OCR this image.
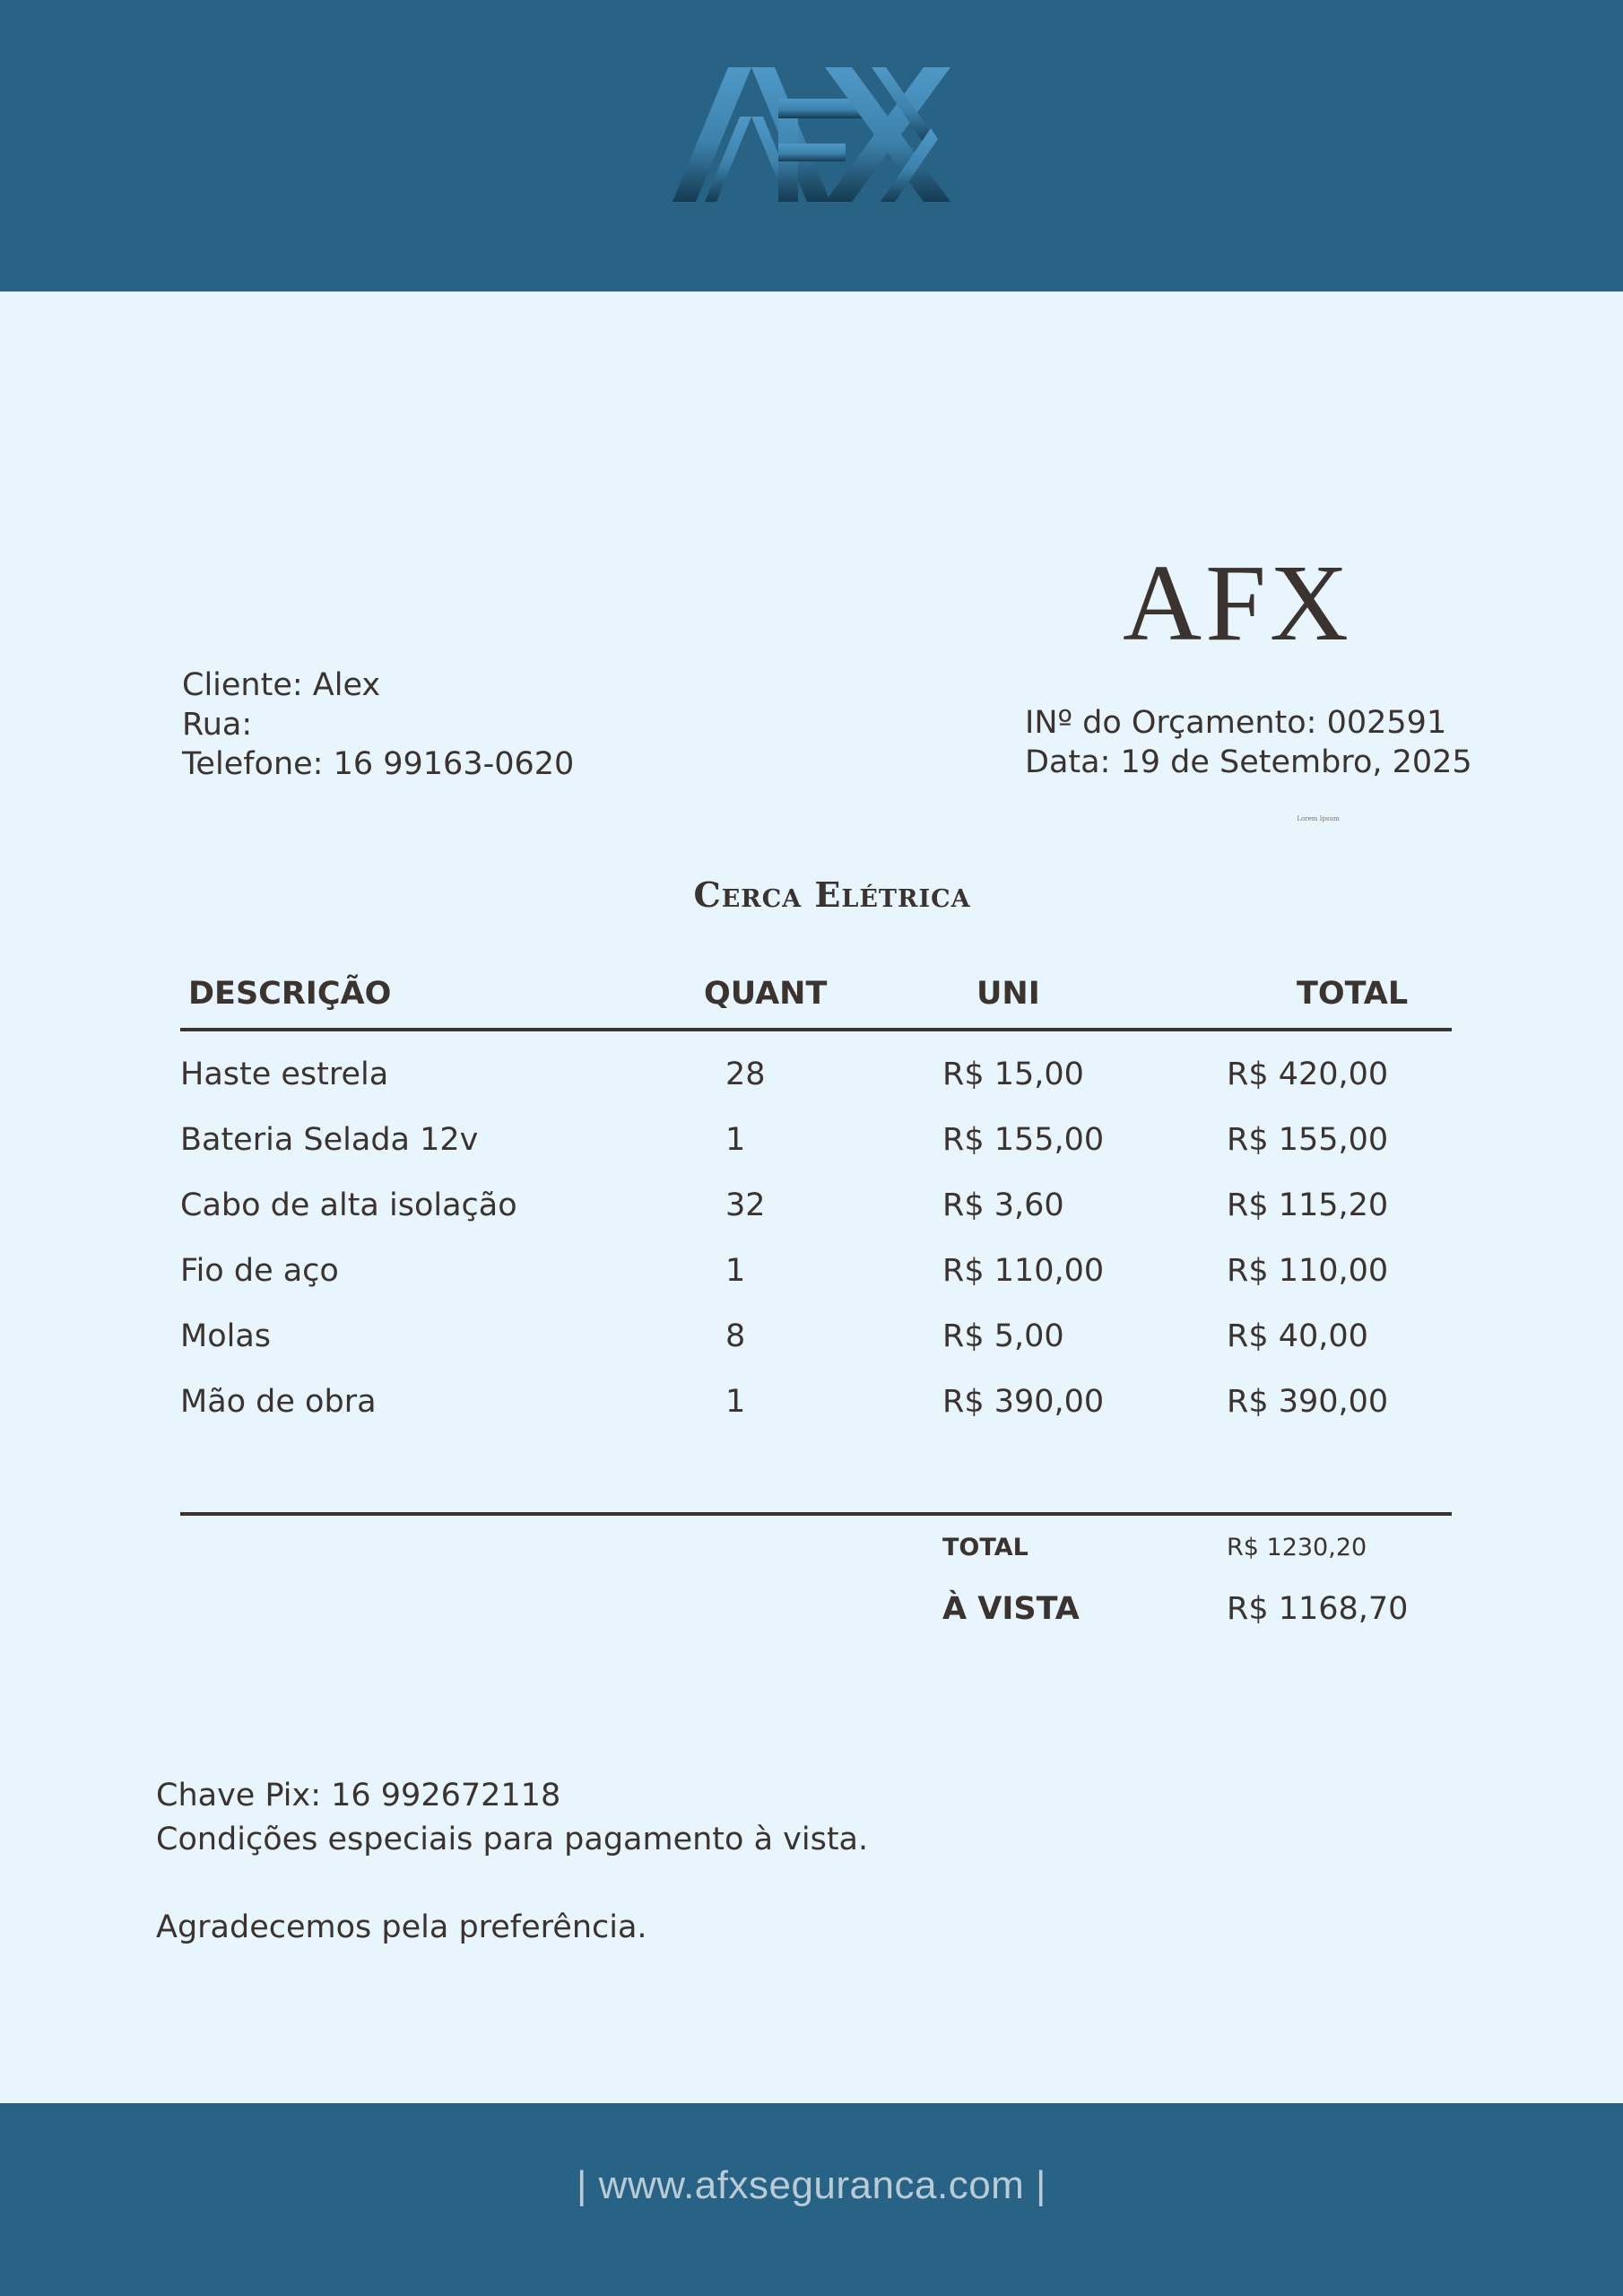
AFX
Cliente: Alex
Rua:
Telefone: 16 99163-0620
INº do Orçamento: 002591
Data: 19 de Setembro, 2025
Lorem Ipsum
Cerca Elétrica
DESCRIÇÃO	QUANT	UNI	TOTAL
Haste estrela	28	R$ 15,00	R$ 420,00
Bateria Selada 12v	1	R$ 155,00	R$ 155,00
Cabo de alta isolação	32	R$ 3,60	R$ 115,20
Fio de aço	1	R$ 110,00	R$ 110,00
Molas	8	R$ 5,00	R$ 40,00
Mão de obra	1	R$ 390,00	R$ 390,00
TOTAL	R$ 1230,20
À VISTA	R$ 1168,70
Chave Pix: 16 992672118
Condições especiais para pagamento à vista.
Agradecemos pela preferência.
| www.afxseguranca.com |
